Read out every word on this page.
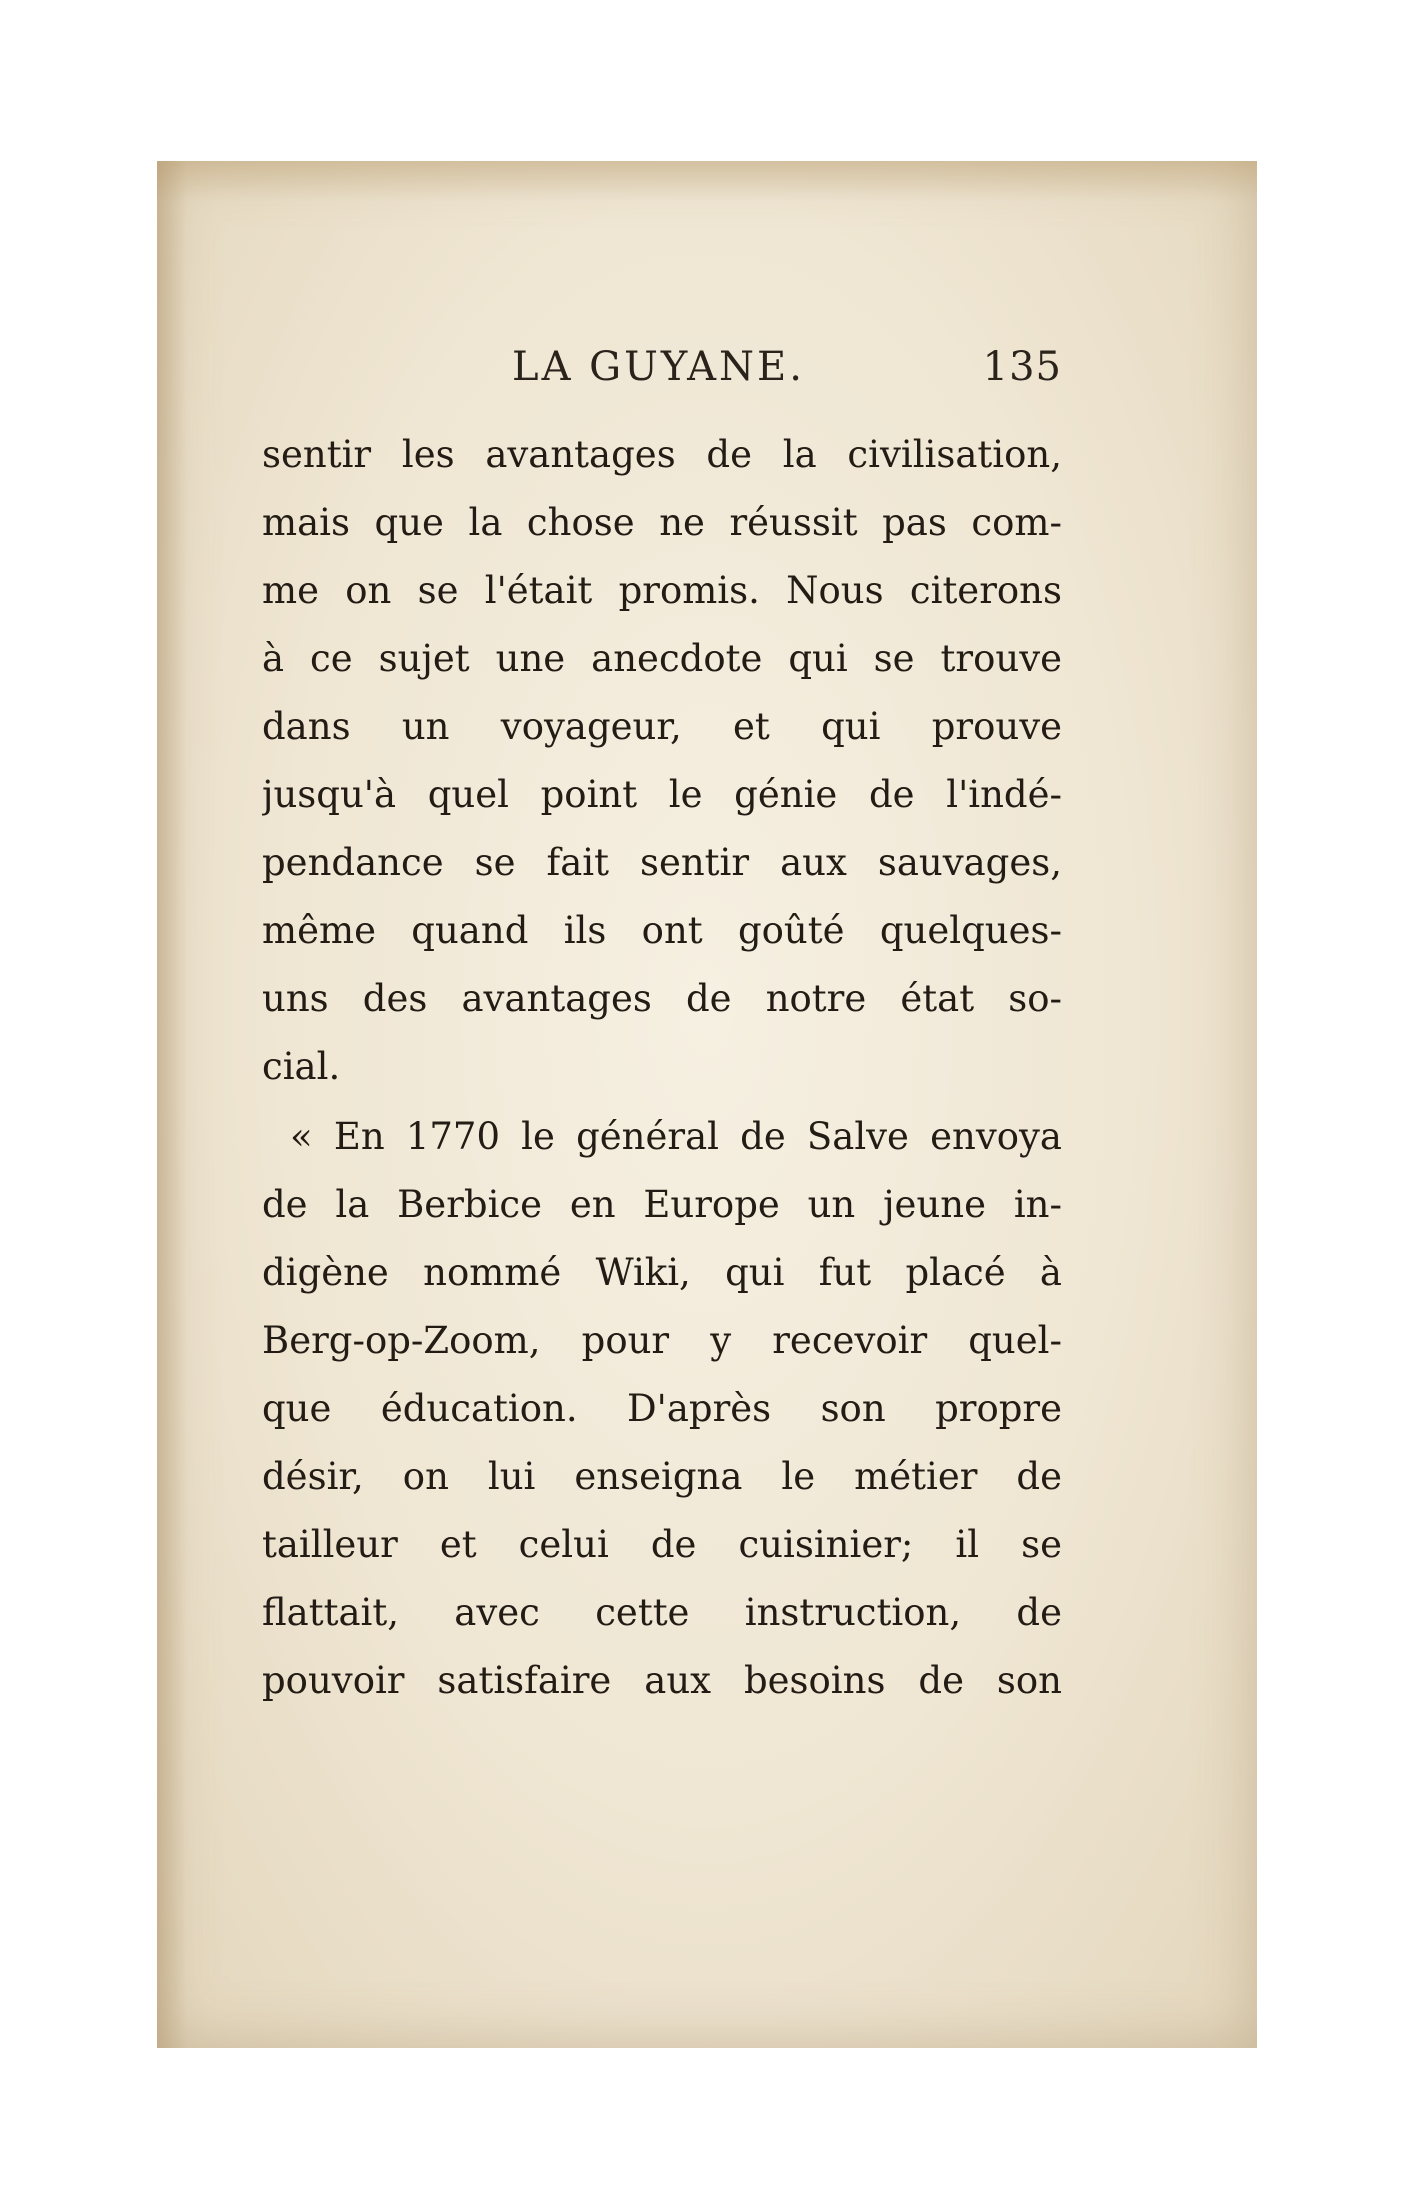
LA GUYANE.	135
sentir les avantages de la civilisation,
mais que la chose ne réussit pas com-
me on se l'était promis. Nous citerons
à ce sujet une anecdote qui se trouve
dans un voyageur, et qui prouve
jusqu'à quel point le génie de l'indé-
pendance se fait sentir aux sauvages,
même quand ils ont goûté quelques-
uns des avantages de notre état so-
cial.
« En 1770 le général de Salve envoya
de la Berbice en Europe un jeune in-
digène nommé Wiki, qui fut placé à
Berg-op-Zoom, pour y recevoir quel-
que éducation. D'après son propre
désir, on lui enseigna le métier de
tailleur et celui de cuisinier; il se
flattait, avec cette instruction, de
pouvoir satisfaire aux besoins de son
